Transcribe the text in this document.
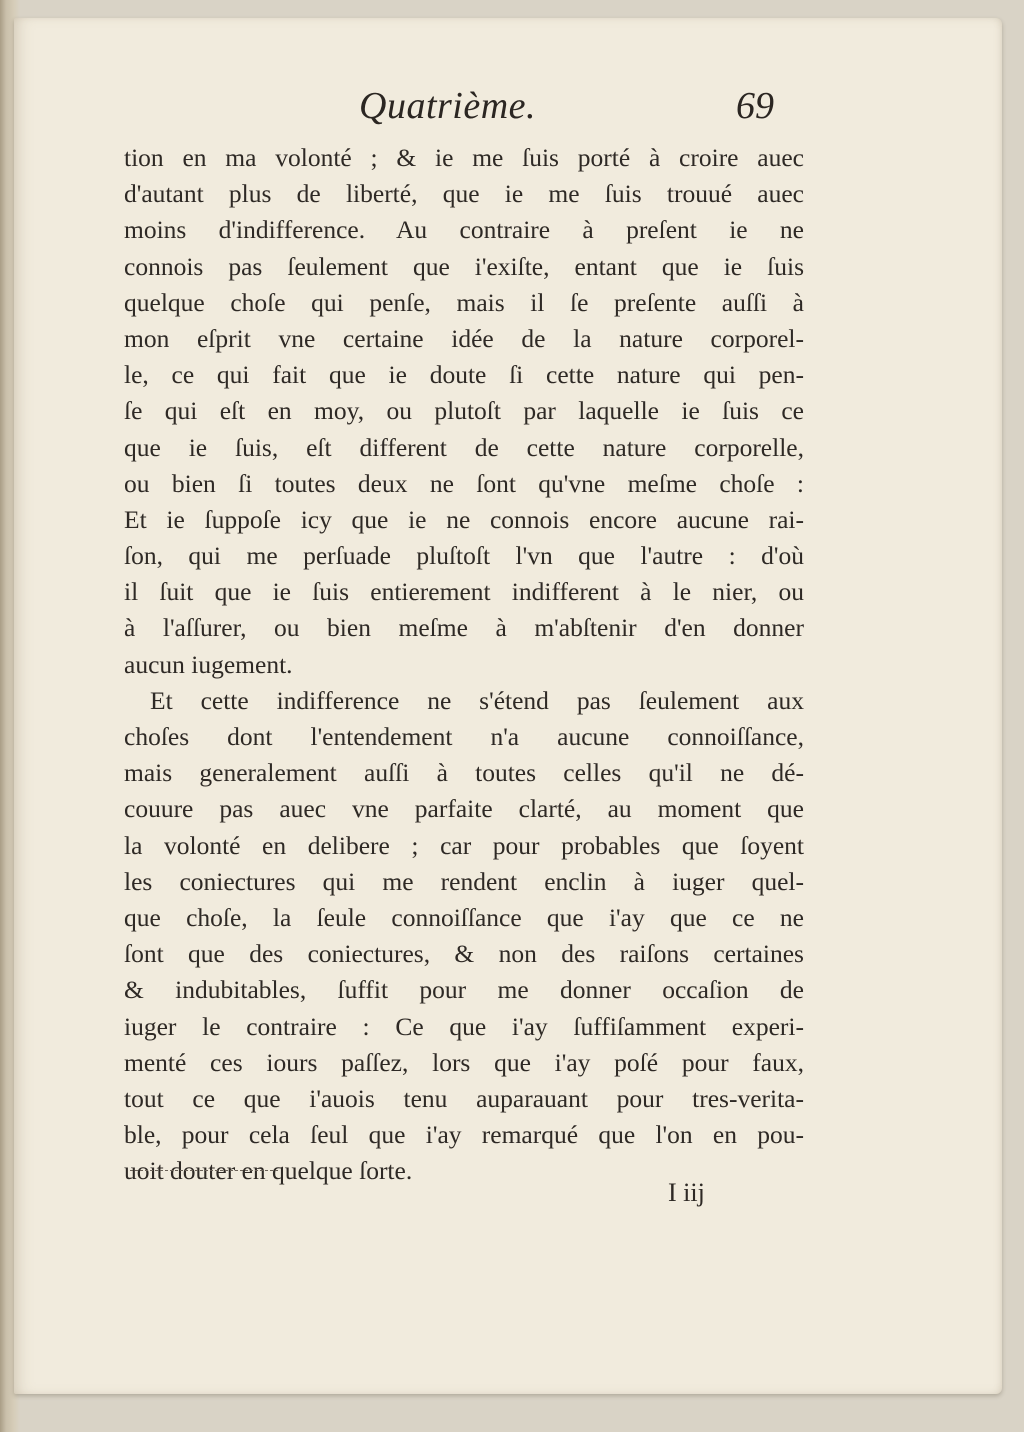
Quatrième.	69
tion en ma volonté ; & ie me ſuis porté à croire auec
d'autant plus de liberté, que ie me ſuis trouué auec
moins d'indifference. Au contraire à preſent ie ne
connois pas ſeulement que i'exiſte, entant que ie ſuis
quelque choſe qui penſe, mais il ſe preſente auſſi à
mon eſprit vne certaine idée de la nature corporel-
le, ce qui fait que ie doute ſi cette nature qui pen-
ſe qui eſt en moy, ou plutoſt par laquelle ie ſuis ce
que ie ſuis, eſt different de cette nature corporelle,
ou bien ſi toutes deux ne ſont qu'vne meſme choſe :
Et ie ſuppoſe icy que ie ne connois encore aucune rai-
ſon, qui me perſuade pluſtoſt l'vn que l'autre : d'où
il ſuit que ie ſuis entierement indifferent à le nier, ou
à l'aſſurer, ou bien meſme à m'abſtenir d'en donner
aucun iugement.
Et cette indifference ne s'étend pas ſeulement aux
choſes dont l'entendement n'a aucune connoiſſance,
mais generalement auſſi à toutes celles qu'il ne dé-
couure pas auec vne parfaite clarté, au moment que
la volonté en delibere ; car pour probables que ſoyent
les coniectures qui me rendent enclin à iuger quel-
que choſe, la ſeule connoiſſance que i'ay que ce ne
ſont que des coniectures, & non des raiſons certaines
& indubitables, ſuffit pour me donner occaſion de
iuger le contraire : Ce que i'ay ſuffiſamment experi-
menté ces iours paſſez, lors que i'ay poſé pour faux,
tout ce que i'auois tenu auparauant pour tres-verita-
ble, pour cela ſeul que i'ay remarqué que l'on en pou-
uoit douter en quelque ſorte.
I iij
